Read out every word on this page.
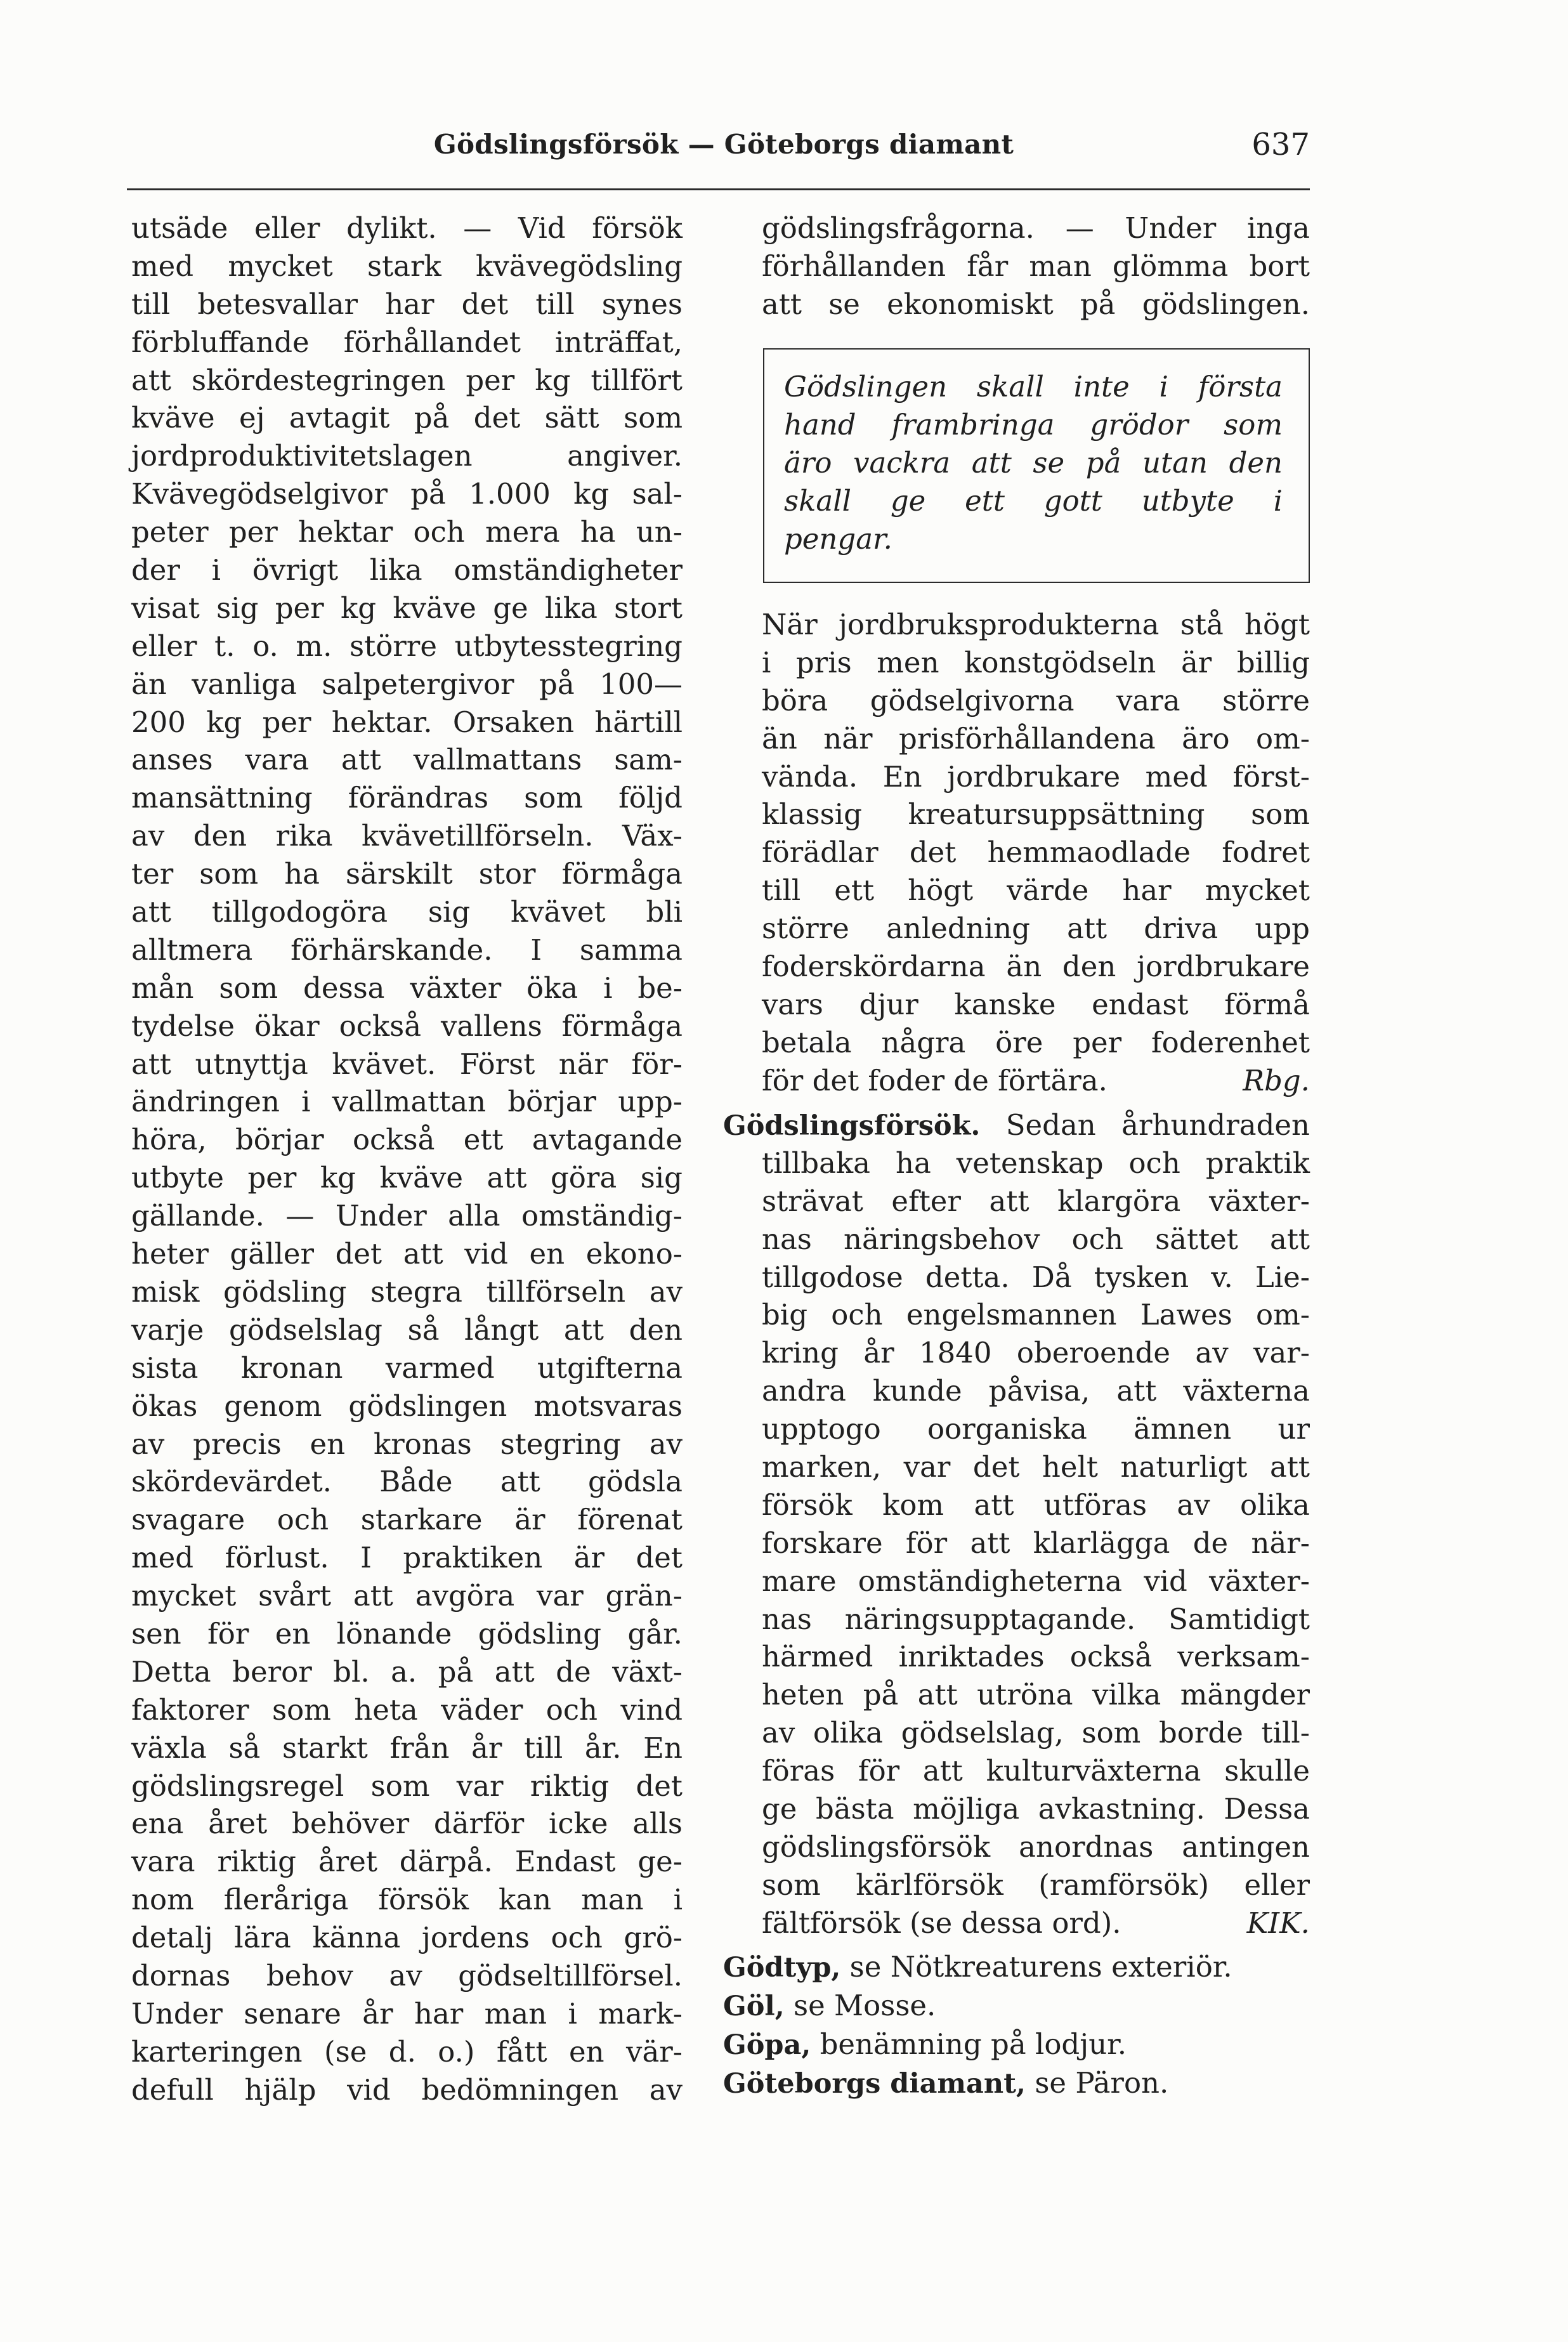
Gödslingsförsök — Göteborgs diamant	637
utsäde eller dylikt. — Vid försök
med mycket stark kvävegödsling
till betesvallar har det till synes
förbluffande förhållandet inträffat,
att skördestegringen per kg tillfört
kväve ej avtagit på det sätt som
jordproduktivitetslagen angiver.
Kvävegödselgivor på 1.000 kg sal-
peter per hektar och mera ha un-
der i övrigt lika omständigheter
visat sig per kg kväve ge lika stort
eller t. o. m. större utbytesstegring
än vanliga salpetergivor på 100—
200 kg per hektar. Orsaken härtill
anses vara att vallmattans sam-
mansättning förändras som följd
av den rika kvävetillförseln. Väx-
ter som ha särskilt stor förmåga
att tillgodogöra sig kvävet bli
alltmera förhärskande. I samma
mån som dessa växter öka i be-
tydelse ökar också vallens förmåga
att utnyttja kvävet. Först när för-
ändringen i vallmattan börjar upp-
höra, börjar också ett avtagande
utbyte per kg kväve att göra sig
gällande. — Under alla omständig-
heter gäller det att vid en ekono-
misk gödsling stegra tillförseln av
varje gödselslag så långt att den
sista kronan varmed utgifterna
ökas genom gödslingen motsvaras
av precis en kronas stegring av
skördevärdet. Både att gödsla
svagare och starkare är förenat
med förlust. I praktiken är det
mycket svårt att avgöra var grän-
sen för en lönande gödsling går.
Detta beror bl. a. på att de växt-
faktorer som heta väder och vind
växla så starkt från år till år. En
gödslingsregel som var riktig det
ena året behöver därför icke alls
vara riktig året därpå. Endast ge-
nom fleråriga försök kan man i
detalj lära känna jordens och grö-
dornas behov av gödseltillförsel.
Under senare år har man i mark-
karteringen (se d. o.) fått en vär-
defull hjälp vid bedömningen av
gödslingsfrågorna. — Under inga
förhållanden får man glömma bort
att se ekonomiskt på gödslingen.
Gödslingen skall inte i första
hand frambringa grödor som
äro vackra att se på utan den
skall ge ett gott utbyte i
pengar.
När jordbruksprodukterna stå högt
i pris men konstgödseln är billig
böra gödselgivorna vara större
än när prisförhållandena äro om-
vända. En jordbrukare med först-
klassig kreatursuppsättning som
förädlar det hemmaodlade fodret
till ett högt värde har mycket
större anledning att driva upp
foderskördarna än den jordbrukare
vars djur kanske endast förmå
betala några öre per foderenhet
för det foder de förtära.	Rbg.
Gödslingsförsök. Sedan århundraden
tillbaka ha vetenskap och praktik
strävat efter att klargöra växter-
nas näringsbehov och sättet att
tillgodose detta. Då tysken v. Lie-
big och engelsmannen Lawes om-
kring år 1840 oberoende av var-
andra kunde påvisa, att växterna
upptogo oorganiska ämnen ur
marken, var det helt naturligt att
försök kom att utföras av olika
forskare för att klarlägga de när-
mare omständigheterna vid växter-
nas näringsupptagande. Samtidigt
härmed inriktades också verksam-
heten på att utröna vilka mängder
av olika gödselslag, som borde till-
föras för att kulturväxterna skulle
ge bästa möjliga avkastning. Dessa
gödslingsförsök anordnas antingen
som kärlförsök (ramförsök) eller
fältförsök (se dessa ord).	KIK.
Gödtyp, se Nötkreaturens exteriör.
Göl, se Mosse.
Göpa, benämning på lodjur.
Göteborgs diamant, se Päron.
